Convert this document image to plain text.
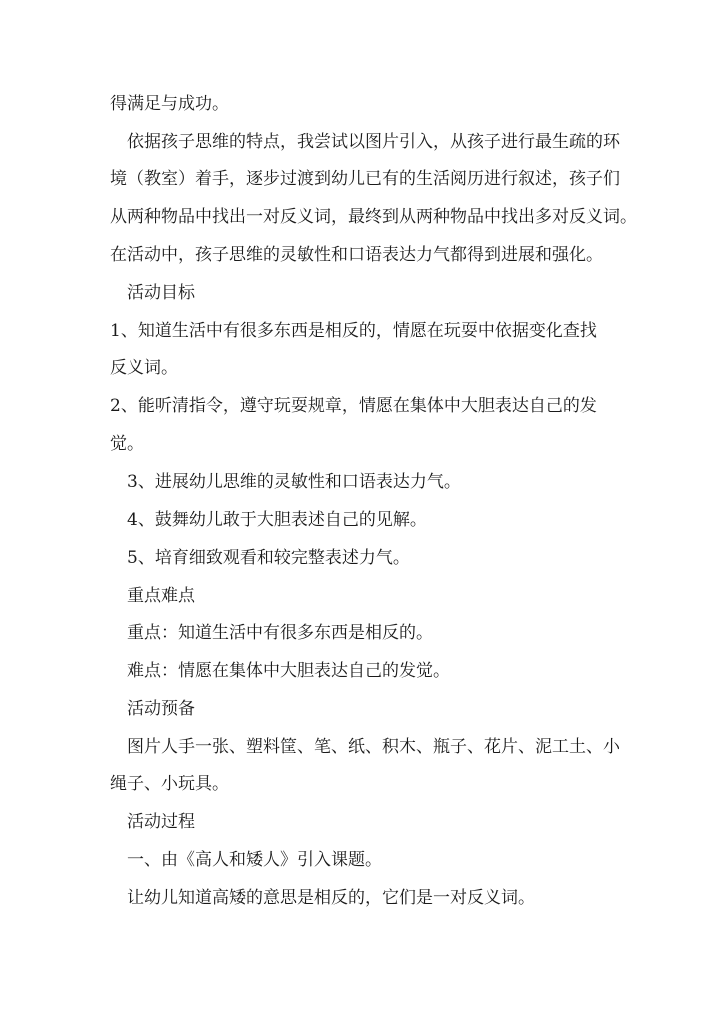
得满足与成功。
依据孩子思维的特点，我尝试以图片引入，从孩子进行最生疏的环
境（教室）着手，逐步过渡到幼儿已有的生活阅历进行叙述，孩子们
从两种物品中找出一对反义词，最终到从两种物品中找出多对反义词。
在活动中，孩子思维的灵敏性和口语表达力气都得到进展和强化。
活动目标
1、知道生活中有很多东西是相反的，情愿在玩耍中依据变化查找
反义词。
2、能听清指令，遵守玩耍规章，情愿在集体中大胆表达自己的发
觉。
3、进展幼儿思维的灵敏性和口语表达力气。
4、鼓舞幼儿敢于大胆表述自己的见解。
5、培育细致观看和较完整表述力气。
重点难点
重点：知道生活中有很多东西是相反的。
难点：情愿在集体中大胆表达自己的发觉。
活动预备
图片人手一张、塑料筐、笔、纸、积木、瓶子、花片、泥工土、小
绳子、小玩具。
活动过程
一、由《高人和矮人》引入课题。
让幼儿知道高矮的意思是相反的，它们是一对反义词。
